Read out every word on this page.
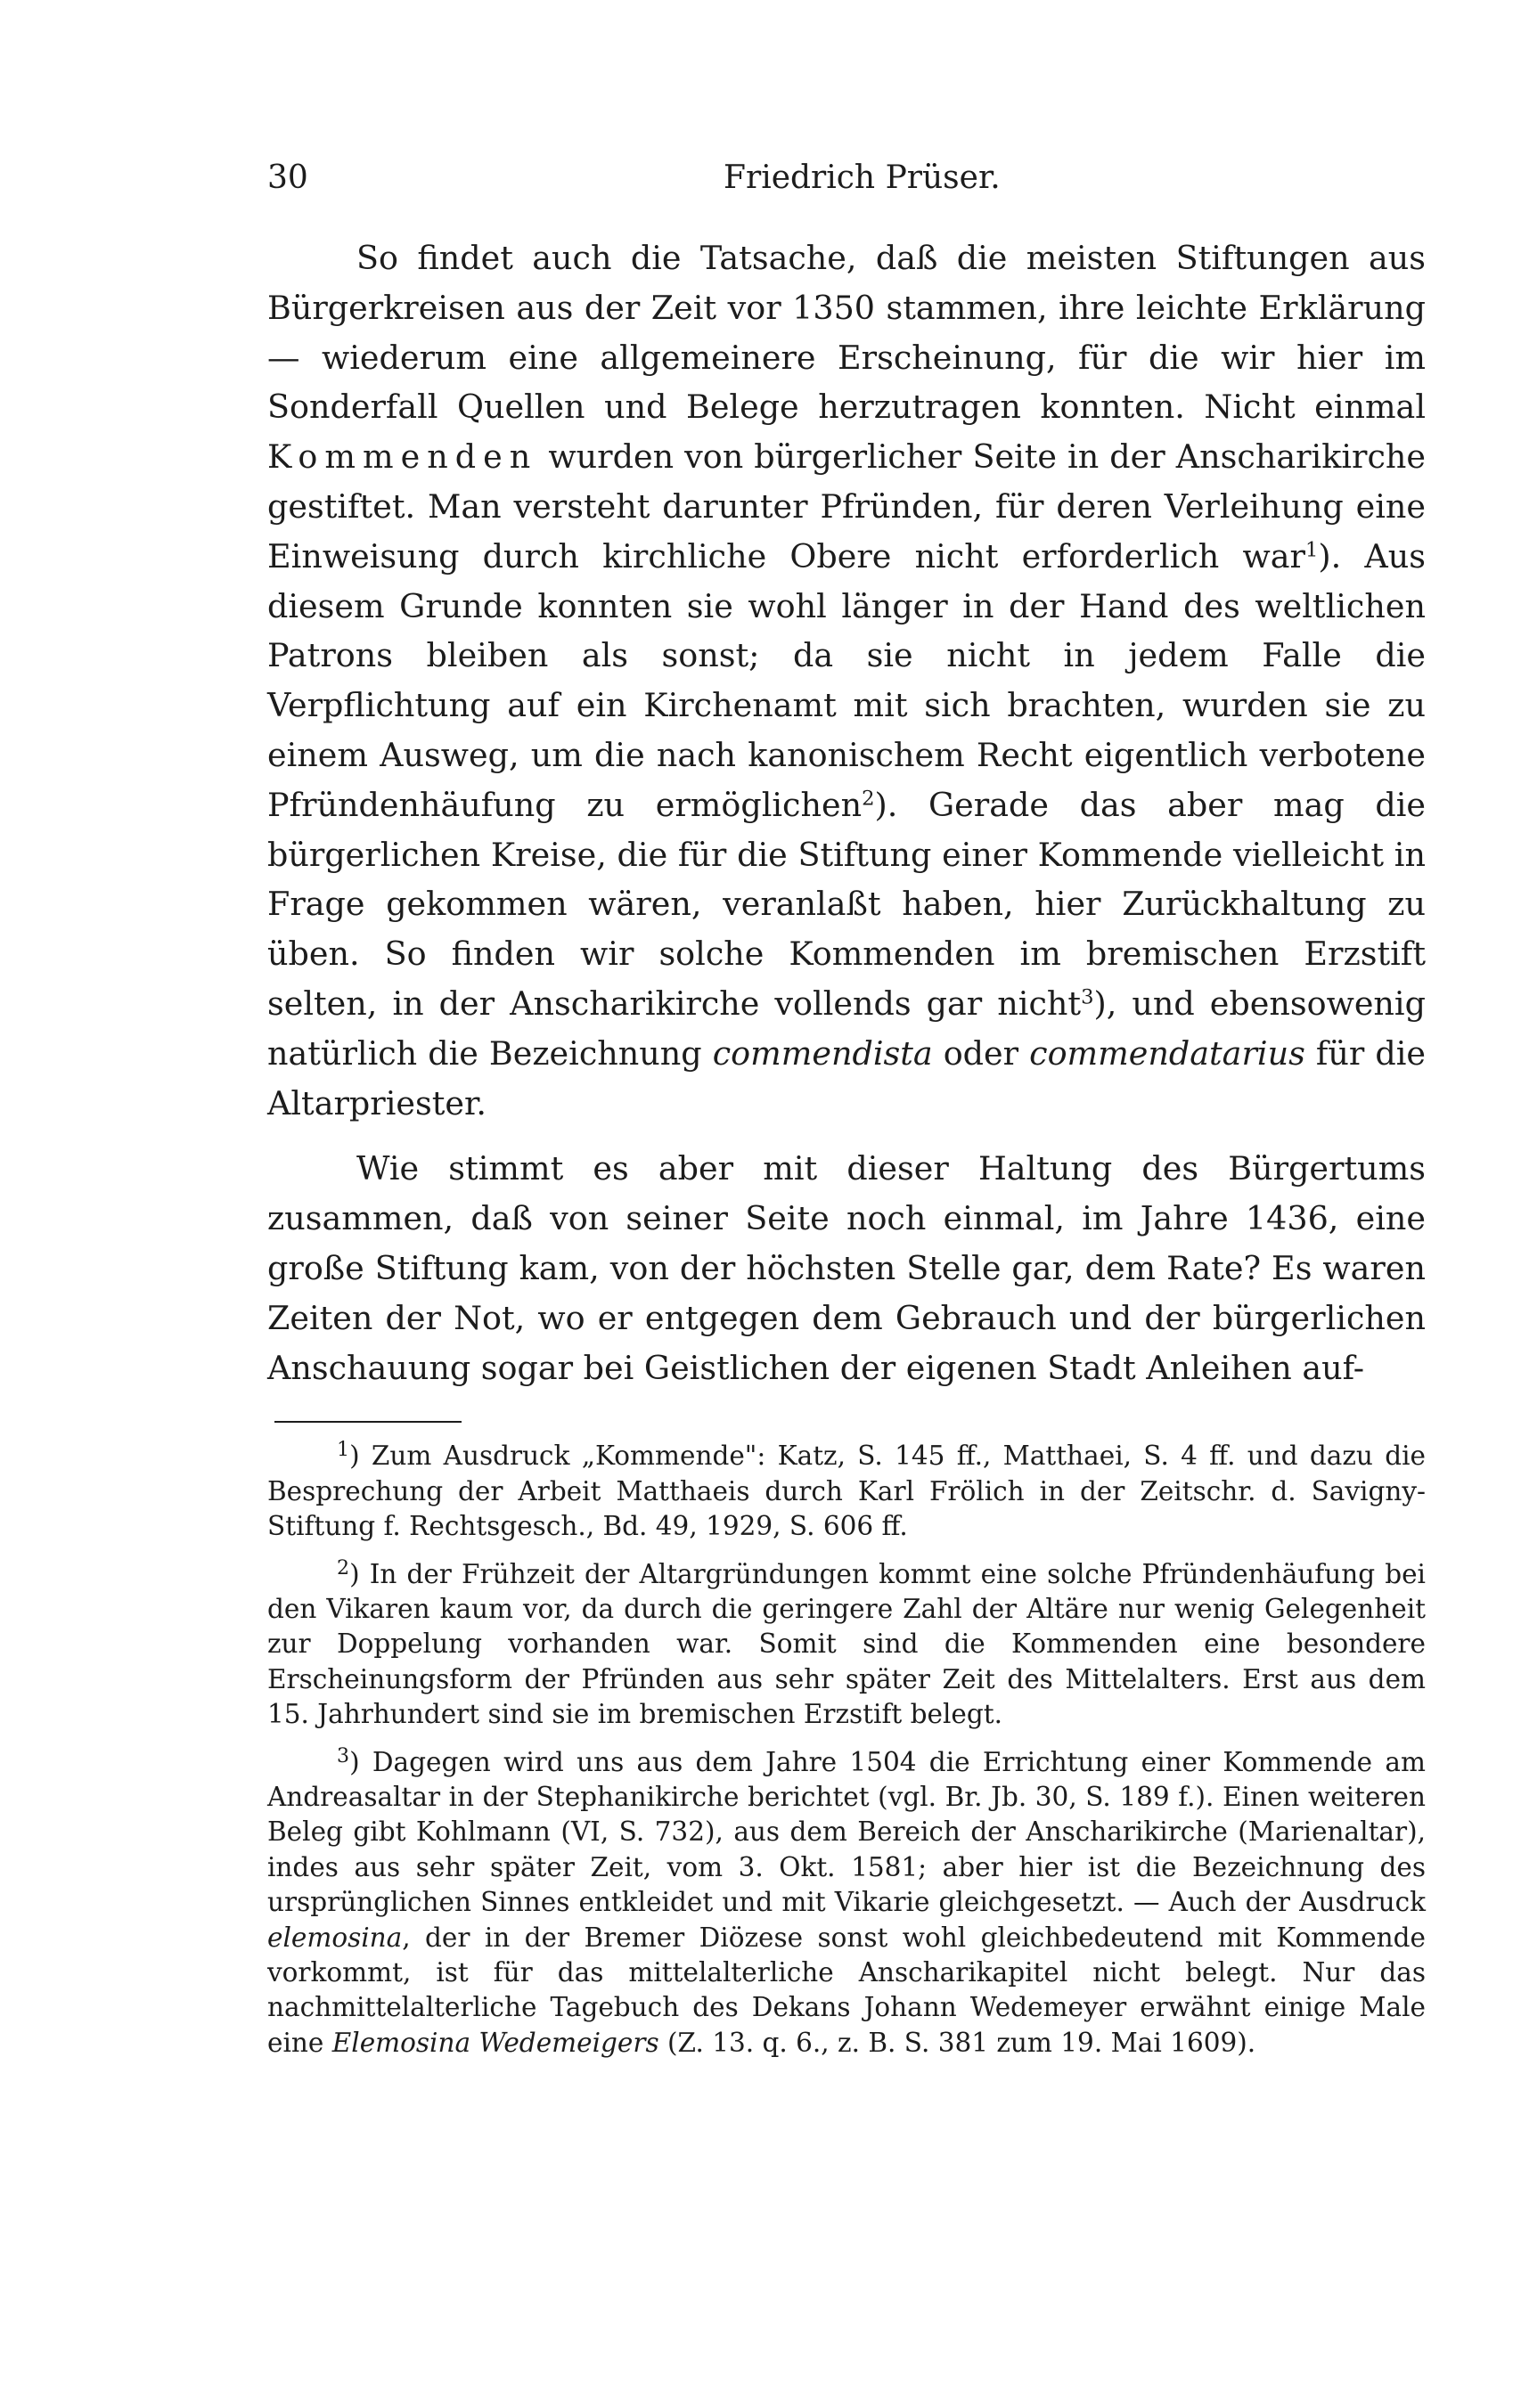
30	Friedrich Prüser.

So findet auch die Tatsache, daß die meisten Stiftungen aus Bürgerkreisen aus der Zeit vor 1350 stammen, ihre leichte Erklärung — wiederum eine allgemeinere Erscheinung, für die wir hier im Sonderfall Quellen und Belege herzutragen konnten. Nicht einmal Kommenden wurden von bürgerlicher Seite in der Anscharikirche gestiftet. Man versteht darunter Pfründen, für deren Verleihung eine Einweisung durch kirchliche Obere nicht erforderlich war$^1$). Aus diesem Grunde konnten sie wohl länger in der Hand des weltlichen Patrons bleiben als sonst; da sie nicht in jedem Falle die Verpflichtung auf ein Kirchenamt mit sich brachten, wurden sie zu einem Ausweg, um die nach kanonischem Recht eigentlich verbotene Pfründenhäufung zu ermöglichen$^2$). Gerade das aber mag die bürgerlichen Kreise, die für die Stiftung einer Kommende vielleicht in Frage gekommen wären, veranlaßt haben, hier Zurückhaltung zu üben. So finden wir solche Kommenden im bremischen Erzstift selten, in der Anscharikirche vollends gar nicht$^3$), und ebensowenig natürlich die Bezeichnung commendista oder commendatarius für die Altarpriester.

Wie stimmt es aber mit dieser Haltung des Bürgertums zusammen, daß von seiner Seite noch einmal, im Jahre 1436, eine große Stiftung kam, von der höchsten Stelle gar, dem Rate? Es waren Zeiten der Not, wo er entgegen dem Gebrauch und der bürgerlichen Anschauung sogar bei Geistlichen der eigenen Stadt Anleihen auf-

$^1$) Zum Ausdruck „Kommende": Katz, S. 145 ff., Matthaei, S. 4 ff. und dazu die Besprechung der Arbeit Matthaeis durch Karl Frölich in der Zeitschr. d. Savigny-Stiftung f. Rechtsgesch., Bd. 49, 1929, S. 606 ff.

$^2$) In der Frühzeit der Altargründungen kommt eine solche Pfründenhäufung bei den Vikaren kaum vor, da durch die geringere Zahl der Altäre nur wenig Gelegenheit zur Doppelung vorhanden war. Somit sind die Kommenden eine besondere Erscheinungsform der Pfründen aus sehr später Zeit des Mittelalters. Erst aus dem 15. Jahrhundert sind sie im bremischen Erzstift belegt.

$^3$) Dagegen wird uns aus dem Jahre 1504 die Errichtung einer Kommende am Andreasaltar in der Stephanikirche berichtet (vgl. Br. Jb. 30, S. 189 f.). Einen weiteren Beleg gibt Kohlmann (VI, S. 732), aus dem Bereich der Anscharikirche (Marienaltar), indes aus sehr später Zeit, vom 3. Okt. 1581; aber hier ist die Bezeichnung des ursprünglichen Sinnes entkleidet und mit Vikarie gleichgesetzt. — Auch der Ausdruck elemosina, der in der Bremer Diözese sonst wohl gleichbedeutend mit Kommende vorkommt, ist für das mittelalterliche Anscharikapitel nicht belegt. Nur das nachmittelalterliche Tagebuch des Dekans Johann Wedemeyer erwähnt einige Male eine Elemosina Wedemeigers (Z. 13. q. 6., z. B. S. 381 zum 19. Mai 1609).
